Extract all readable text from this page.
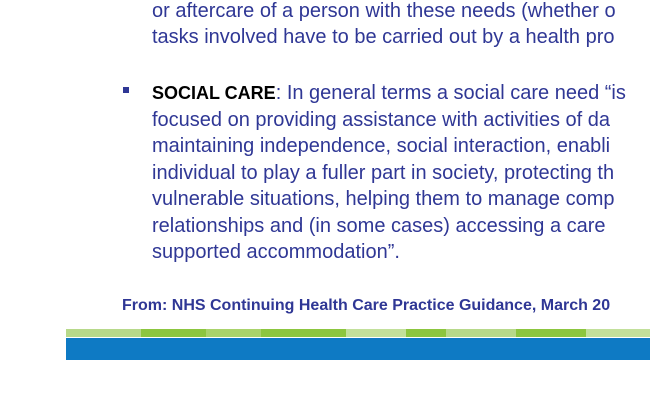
or aftercare of a person with these needs (whether o
tasks involved have to be carried out by a health pro
SOCIAL CARE: In general terms a social care need “is
focused on providing assistance with activities of da
maintaining independence, social interaction, enabli
individual to play a fuller part in society, protecting th
vulnerable situations, helping them to manage comp
relationships and (in some cases) accessing a care
supported accommodation”.
From: NHS Continuing Health Care Practice Guidance, March 20
